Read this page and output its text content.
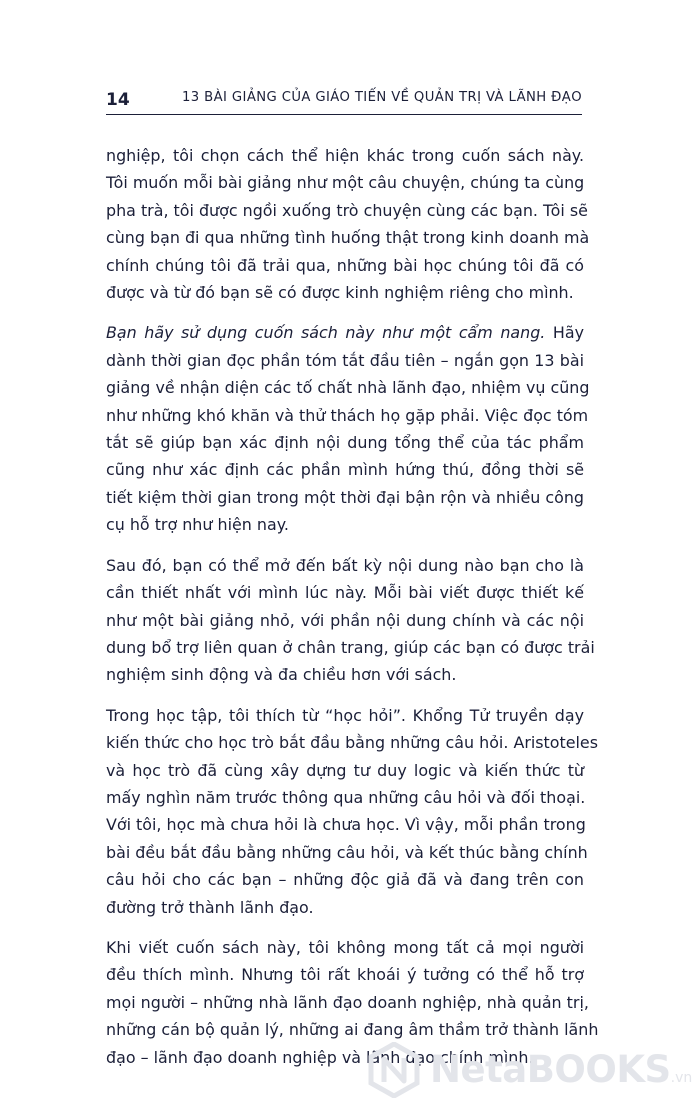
14	13 BÀI GIẢNG CỦA GIÁO TIẾN VỀ QUẢN TRỊ VÀ LÃNH ĐẠO

nghiệp, tôi chọn cách thể hiện khác trong cuốn sách này.
Tôi muốn mỗi bài giảng như một câu chuyện, chúng ta cùng
pha trà, tôi được ngồi xuống trò chuyện cùng các bạn. Tôi sẽ
cùng bạn đi qua những tình huống thật trong kinh doanh mà
chính chúng tôi đã trải qua, những bài học chúng tôi đã có
được và từ đó bạn sẽ có được kinh nghiệm riêng cho mình.

Bạn hãy sử dụng cuốn sách này như một cẩm nang. Hãy
dành thời gian đọc phần tóm tắt đầu tiên – ngắn gọn 13 bài
giảng về nhận diện các tố chất nhà lãnh đạo, nhiệm vụ cũng
như những khó khăn và thử thách họ gặp phải. Việc đọc tóm
tắt sẽ giúp bạn xác định nội dung tổng thể của tác phẩm
cũng như xác định các phần mình hứng thú, đồng thời sẽ
tiết kiệm thời gian trong một thời đại bận rộn và nhiều công
cụ hỗ trợ như hiện nay.

Sau đó, bạn có thể mở đến bất kỳ nội dung nào bạn cho là
cần thiết nhất với mình lúc này. Mỗi bài viết được thiết kế
như một bài giảng nhỏ, với phần nội dung chính và các nội
dung bổ trợ liên quan ở chân trang, giúp các bạn có được trải
nghiệm sinh động và đa chiều hơn với sách.

Trong học tập, tôi thích từ “học hỏi”. Khổng Tử truyền dạy
kiến thức cho học trò bắt đầu bằng những câu hỏi. Aristoteles
và học trò đã cùng xây dựng tư duy logic và kiến thức từ
mấy nghìn năm trước thông qua những câu hỏi và đối thoại.
Với tôi, học mà chưa hỏi là chưa học. Vì vậy, mỗi phần trong
bài đều bắt đầu bằng những câu hỏi, và kết thúc bằng chính
câu hỏi cho các bạn – những độc giả đã và đang trên con
đường trở thành lãnh đạo.

Khi viết cuốn sách này, tôi không mong tất cả mọi người
đều thích mình. Nhưng tôi rất khoái ý tưởng có thể hỗ trợ
mọi người – những nhà lãnh đạo doanh nghiệp, nhà quản trị,
những cán bộ quản lý, những ai đang âm thầm trở thành lãnh
đạo – lãnh đạo doanh nghiệp và lãnh đạo chính mình.

NetaBOOKS.vn
